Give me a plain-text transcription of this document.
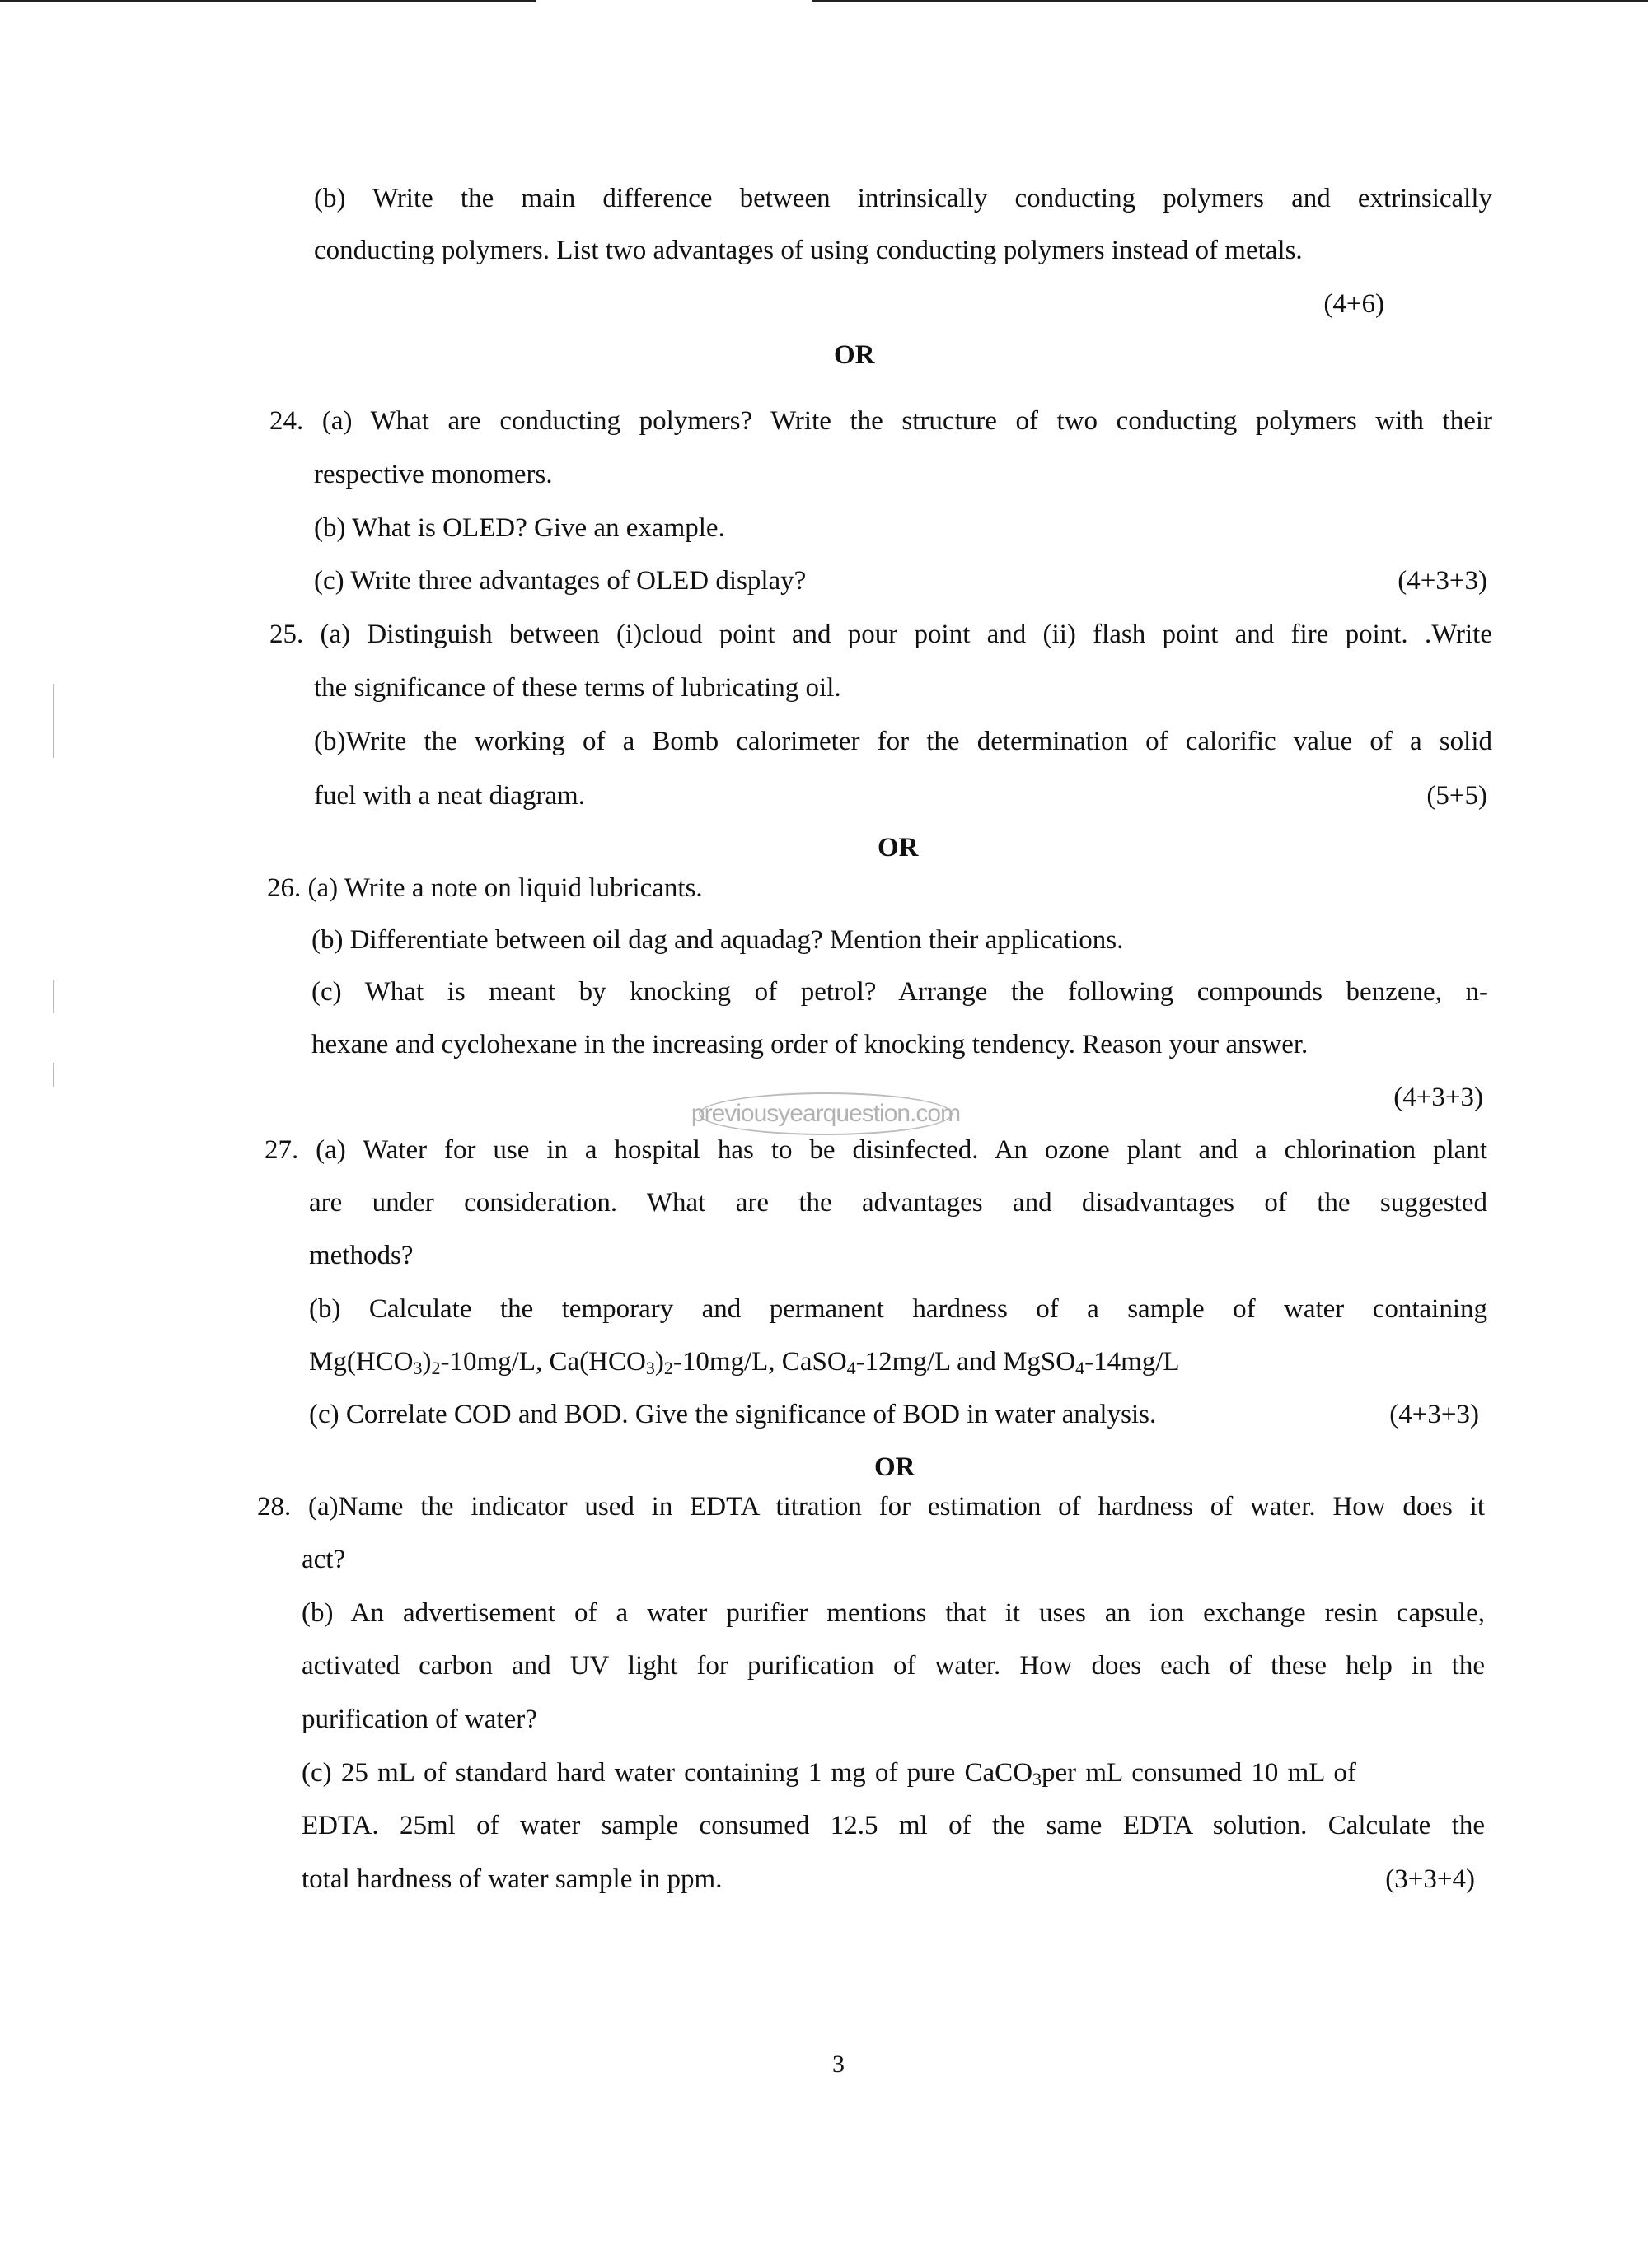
(b) Write the main difference between intrinsically conducting polymers and extrinsically
conducting polymers. List two advantages of using conducting polymers instead of metals.
(4+6)
OR
24. (a) What are conducting polymers? Write the structure of two conducting polymers with their
respective monomers.
(b) What is OLED? Give an example.
(c) Write three advantages of OLED display?	(4+3+3)
25. (a) Distinguish between (i)cloud point and pour point and (ii) flash point and fire point. .Write
the significance of these terms of lubricating oil.
(b)Write the working of a Bomb calorimeter for the determination of calorific value of a solid
fuel with a neat diagram.	(5+5)
OR
26. (a) Write a note on liquid lubricants.
(b) Differentiate between oil dag and aquadag? Mention their applications.
(c) What is meant by knocking of petrol? Arrange the following compounds benzene, n-
hexane and cyclohexane in the increasing order of knocking tendency. Reason your answer.
(4+3+3)
previousyearquestion.com
27. (a) Water for use in a hospital has to be disinfected. An ozone plant and a chlorination plant
are under consideration. What are the advantages and disadvantages of the suggested
methods?
(b) Calculate the temporary and permanent hardness of a sample of water containing
$Mg(HCO_3)_2-10mg/L$, $Ca(HCO_3)_2-10mg/L$, CaSO$_4$-12mg/L and MgSO$_4$-14mg/L
(c) Correlate COD and BOD. Give the significance of BOD in water analysis.	(4+3+3)
OR
28. (a)Name the indicator used in EDTA titration for estimation of hardness of water. How does it
act?
(b) An advertisement of a water purifier mentions that it uses an ion exchange resin capsule,
activated carbon and UV light for purification of water. How does each of these help in the
purification of water?
(c) 25 mL of standard hard water containing 1 mg of pure CaCO$_3$per mL consumed 10 mL of
EDTA. 25ml of water sample consumed 12.5 ml of the same EDTA solution. Calculate the
total hardness of water sample in ppm.	(3+3+4)
3
